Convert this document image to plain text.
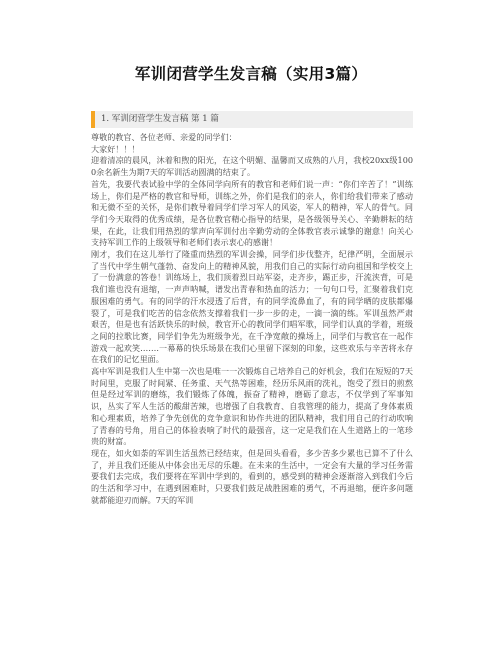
军训闭营学生发言稿（实用3篇）
1. 军训闭营学生发言稿 第 1 篇

尊敬的教官、各位老师、亲爱的同学们：

大家好！！！

迎着清凉的晨风，沐着和煦的阳光，在这个明媚、温馨而又成熟的八月，我校20xx级1000余名新生为期7天的军训活动圆满的结束了。

首先，我要代表试验中学的全体同学向所有的教官和老师们说一声：“你们辛苦了！”训练场上，你们是严格的教官和导师，训练之外，你们是我们的亲人，你们给我们带来了感动和无微不至的关怀，是你们教导着同学们学习军人的风姿，军人的精神，军人的骨气。同学们今天取得的优秀成绩，是各位教官精心指导的结果，是各级领导关心、辛勤耕耘的结果，在此，让我们用热烈的掌声向军训付出辛勤劳动的全体教官表示诚挚的谢意！向关心支持军训工作的上级领导和老师们表示衷心的感谢！

刚才，我们在这儿举行了隆重而热烈的军训会操，同学们步伐整齐，纪律严明，全面展示了当代中学生朝气蓬勃、奋发向上的精神风貌，用我们自己的实际行动向祖国和学校交上了一份满意的答卷！训练场上，我们顶着烈日站军姿，走齐步，踢正步，汗流浃背，可是我们谁也没有退缩，一声声呐喊，谱发出青春和热血的活力；一句句口号，汇聚着我们克服困难的勇气。有的同学的汗水浸透了后背，有的同学流鼻血了，有的同学晒的皮肤都爆裂了，可是我们吃苦的信念依然支撑着我们一步一步的走，一滴一滴的练。军训虽然严肃艰苦，但是也有活跃快乐的时候，教官开心的教同学们唱军歌，同学们认真的学着，班级之间的拉歌比赛，同学们争先为班级争光，在千净宽敞的操场上，同学们与教官在一起作游戏一起欢笑…….一幕幕的快乐场景在我们心里留下深刻的印象，这些欢乐与辛苦将永存在我们的记忆里面。

高中军训是我们人生中第一次也是唯一一次锻炼自己培养自己的好机会，我们在短短的7天时间里，克服了时间紧、任务重、天气热等困难，经历乐风雨的洗礼，饱受了烈日的煎熬但是经过军训的磨练，我们锻炼了体魄，振奋了精神，磨砺了意志，不仅学到了军事知识，丛实了军人生活的酸甜苦辣，也增强了自我教育、自我管理的能力，提高了身体素质和心理素质，培养了争先创优的竞争意识和协作共进的团队精神，我们用自己的行动吹响了青春的号角，用自己的体验表响了时代的最强音，这一定是我们在人生道路上的一笔珍贵的财富。

现在，如火如荼的军训生活虽然已经结束，但是回头看看，多少苦多少累也已算不了什么了，并且我们还能从中体会出无尽的乐趣。在未来的生活中，一定会有大量的学习任务需要我们去完成，我们要将在军训中学到的，看到的，感受到的精神会逐渐溶入到我们今后的生活和学习中，在遇到困难时，只要我们鼓足战胜困难的勇气，不再退缩，便许多问题就都能迎刃而解。7天的军训
